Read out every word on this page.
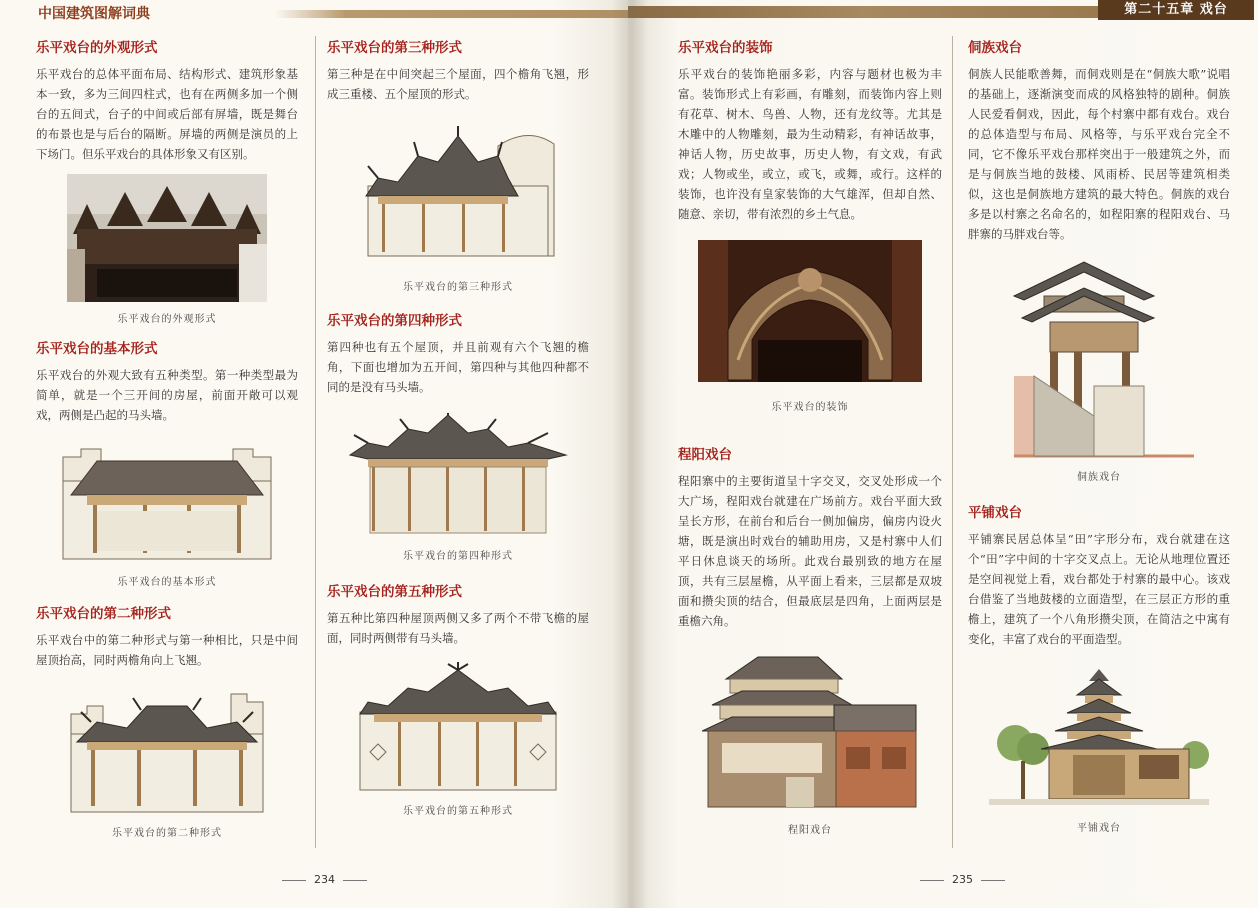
中国建筑图解词典
乐平戏台的外观形式

乐平戏台的总体平面布局、结构形式、建筑形象基本一致，多为三间四柱式，也有在两侧多加一个侧台的五间式，台子的中间或后部有屏墙，既是舞台的布景也是与后台的隔断。屏墙的两侧是演员的上下场门。但乐平戏台的具体形象又有区别。

乐平戏台的外观形式
乐平戏台的基本形式

乐平戏台的外观大致有五种类型。第一种类型最为简单，就是一个三开间的房屋，前面开敞可以观戏，两侧是凸起的马头墙。

乐平戏台的基本形式
乐平戏台的第二种形式

乐平戏台中的第二种形式与第一种相比，只是中间屋顶抬高，同时两檐角向上飞翘。

乐平戏台的第二种形式
乐平戏台的第三种形式

第三种是在中间突起三个屋面，四个檐角飞翘，形成三重楼、五个屋顶的形式。

乐平戏台的第三种形式
乐平戏台的第四种形式

第四种也有五个屋顶，并且前观有六个飞翘的檐角，下面也增加为五开间，第四种与其他四种都不同的是没有马头墙。

乐平戏台的第四种形式
乐平戏台的第五种形式

第五种比第四种屋顶两侧又多了两个不带飞檐的屋面，同时两侧带有马头墙。

乐平戏台的第五种形式
234
第二十五章 戏台
乐平戏台的装饰

乐平戏台的装饰艳丽多彩，内容与题材也极为丰富。装饰形式上有彩画，有雕刻，而装饰内容上则有花草、树木、鸟兽、人物，还有龙纹等。尤其是木雕中的人物雕刻，最为生动精彩，有神话故事，神话人物，历史故事，历史人物，有文戏，有武戏；人物或坐，或立，或飞，或舞，或行。这样的装饰，也许没有皇家装饰的大气雄浑，但却自然、随意、亲切，带有浓烈的乡土气息。

乐平戏台的装饰
程阳戏台

程阳寨中的主要街道呈十字交叉，交叉处形成一个大广场，程阳戏台就建在广场前方。戏台平面大致呈长方形，在前台和后台一侧加偏房，偏房内设火塘，既是演出时戏台的辅助用房，又是村寨中人们平日休息谈天的场所。此戏台最别致的地方在屋顶，共有三层屋檐，从平面上看来，三层都是双坡面和攒尖顶的结合，但最底层是四角，上面两层是重檐六角。

程阳戏台
侗族戏台

侗族人民能歌善舞，而侗戏则是在“侗族大歌”说唱的基础上，逐渐演变而成的风格独特的剧种。侗族人民爱看侗戏，因此，每个村寨中都有戏台。戏台的总体造型与布局、风格等，与乐平戏台完全不同，它不像乐平戏台那样突出于一般建筑之外，而是与侗族当地的鼓楼、风雨桥、民居等建筑相类似，这也是侗族地方建筑的最大特色。侗族的戏台多是以村寨之名命名的，如程阳寨的程阳戏台、马胖寨的马胖戏台等。

侗族戏台
平铺戏台

平铺寨民居总体呈“田”字形分布，戏台就建在这个“田”字中间的十字交叉点上。无论从地理位置还是空间视觉上看，戏台都处于村寨的最中心。该戏台借鉴了当地鼓楼的立面造型，在三层正方形的重檐上，建筑了一个八角形攒尖顶，在简洁之中寓有变化，丰富了戏台的平面造型。

平铺戏台
235
